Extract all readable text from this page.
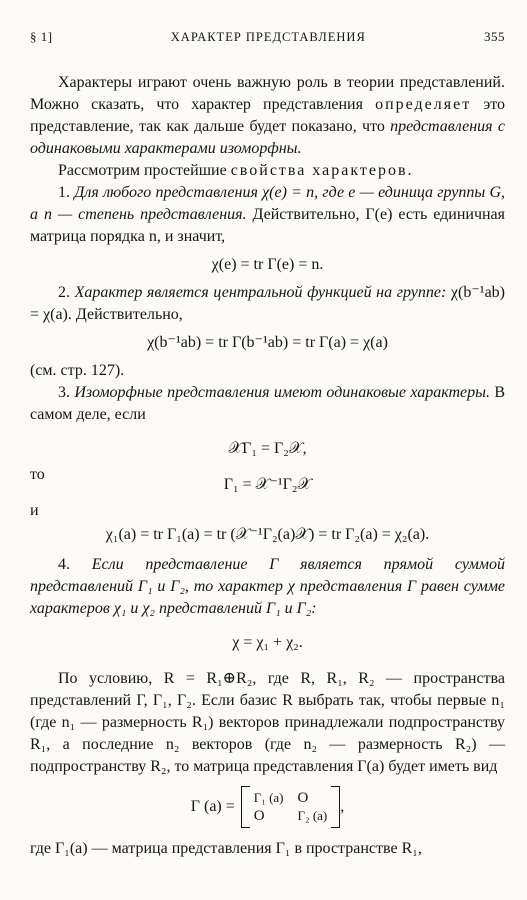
§ 1]	ХАРАКТЕР ПРЕДСТАВЛЕНИЯ	355

Характеры играют очень важную роль в теории представлений. Можно сказать, что характер представления определяет это представление, так как дальше будет показано, что представления с одинаковыми характерами изоморфны.

Рассмотрим простейшие свойства характеров.

1. Для любого представления χ(e) = n, где e — единица группы G, а n — степень представления. Действительно, Γ(e) есть единичная матрица порядка n, и значит,

χ(e) = tr Γ(e) = n.

2. Характер является центральной функцией на группе: χ(b⁻¹ab) = χ(a). Действительно,

χ(b⁻¹ab) = tr Γ(b⁻¹ab) = tr Γ(a) = χ(a)

(см. стр. 127).

3. Изоморфные представления имеют одинаковые характеры. В самом деле, если

𝒳Γ₁ = Γ₂𝒳,
то
Γ₁ = 𝒳⁻¹Γ₂𝒳
и
χ₁(a) = tr Γ₁(a) = tr (𝒳⁻¹Γ₂(a)𝒳) = tr Γ₂(a) = χ₂(a).

4. Если представление Γ является прямой суммой представлений Γ₁ и Γ₂, то характер χ представления Γ равен сумме характеров χ₁ и χ₂ представлений Γ₁ и Γ₂:

χ = χ₁ + χ₂.

По условию, R = R₁⊕R₂, где R, R₁, R₂ — пространства представлений Γ, Γ₁, Γ₂. Если базис R выбрать так, чтобы первые n₁ (где n₁ — размерность R₁) векторов принадлежали подпространству R₁, а последние n₂ векторов (где n₂ — размерность R₂) — подпространству R₂, то матрица представления Γ(a) будет иметь вид

Γ (a) =
Γ₁ (a) O
O	Γ₂ (a)
,

где Γ₁(a) — матрица представления Γ₁ в пространстве R₁,
